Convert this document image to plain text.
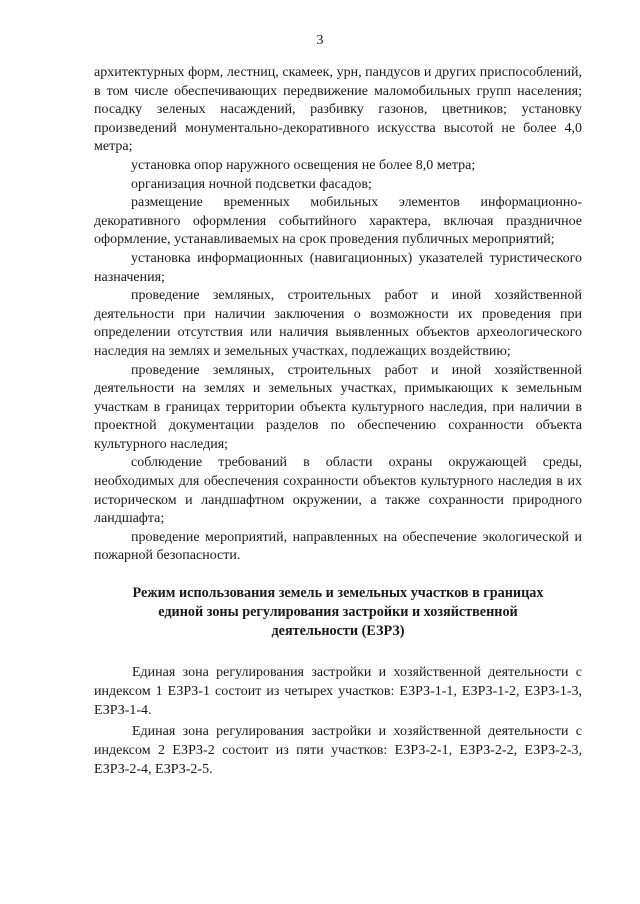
3

архитектурных форм, лестниц, скамеек, урн, пандусов и других приспособлений, в том числе обеспечивающих передвижение маломобильных групп населения; посадку зеленых насаждений, разбивку газонов, цветников; установку произведений монументально-декоративного искусства высотой не более 4,0 метра;

установка опор наружного освещения не более 8,0 метра;

организация ночной подсветки фасадов;

размещение временных мобильных элементов информационно-декоративного оформления событийного характера, включая праздничное оформление, устанавливаемых на срок проведения публичных мероприятий;

установка информационных (навигационных) указателей туристического назначения;

проведение земляных, строительных работ и иной хозяйственной деятельности при наличии заключения о возможности их проведения при определении отсутствия или наличия выявленных объектов археологического наследия на землях и земельных участках, подлежащих воздействию;

проведение земляных, строительных работ и иной хозяйственной деятельности на землях и земельных участках, примыкающих к земельным участкам в границах территории объекта культурного наследия, при наличии в проектной документации разделов по обеспечению сохранности объекта культурного наследия;

соблюдение требований в области охраны окружающей среды, необходимых для обеспечения сохранности объектов культурного наследия в их историческом и ландшафтном окружении, а также сохранности природного ландшафта;

проведение мероприятий, направленных на обеспечение экологической и пожарной безопасности.

Режим использования земель и земельных участков в границах единой зоны регулирования застройки и хозяйственной деятельности (ЕЗРЗ)

Единая зона регулирования застройки и хозяйственной деятельности с индексом 1 ЕЗРЗ-1 состоит из четырех участков: ЕЗРЗ-1-1, ЕЗРЗ-1-2, ЕЗРЗ-1-3, ЕЗРЗ-1-4.

Единая зона регулирования застройки и хозяйственной деятельности с индексом 2 ЕЗРЗ-2 состоит из пяти участков: ЕЗРЗ-2-1, ЕЗРЗ-2-2, ЕЗРЗ-2-3, ЕЗРЗ-2-4, ЕЗРЗ-2-5.
